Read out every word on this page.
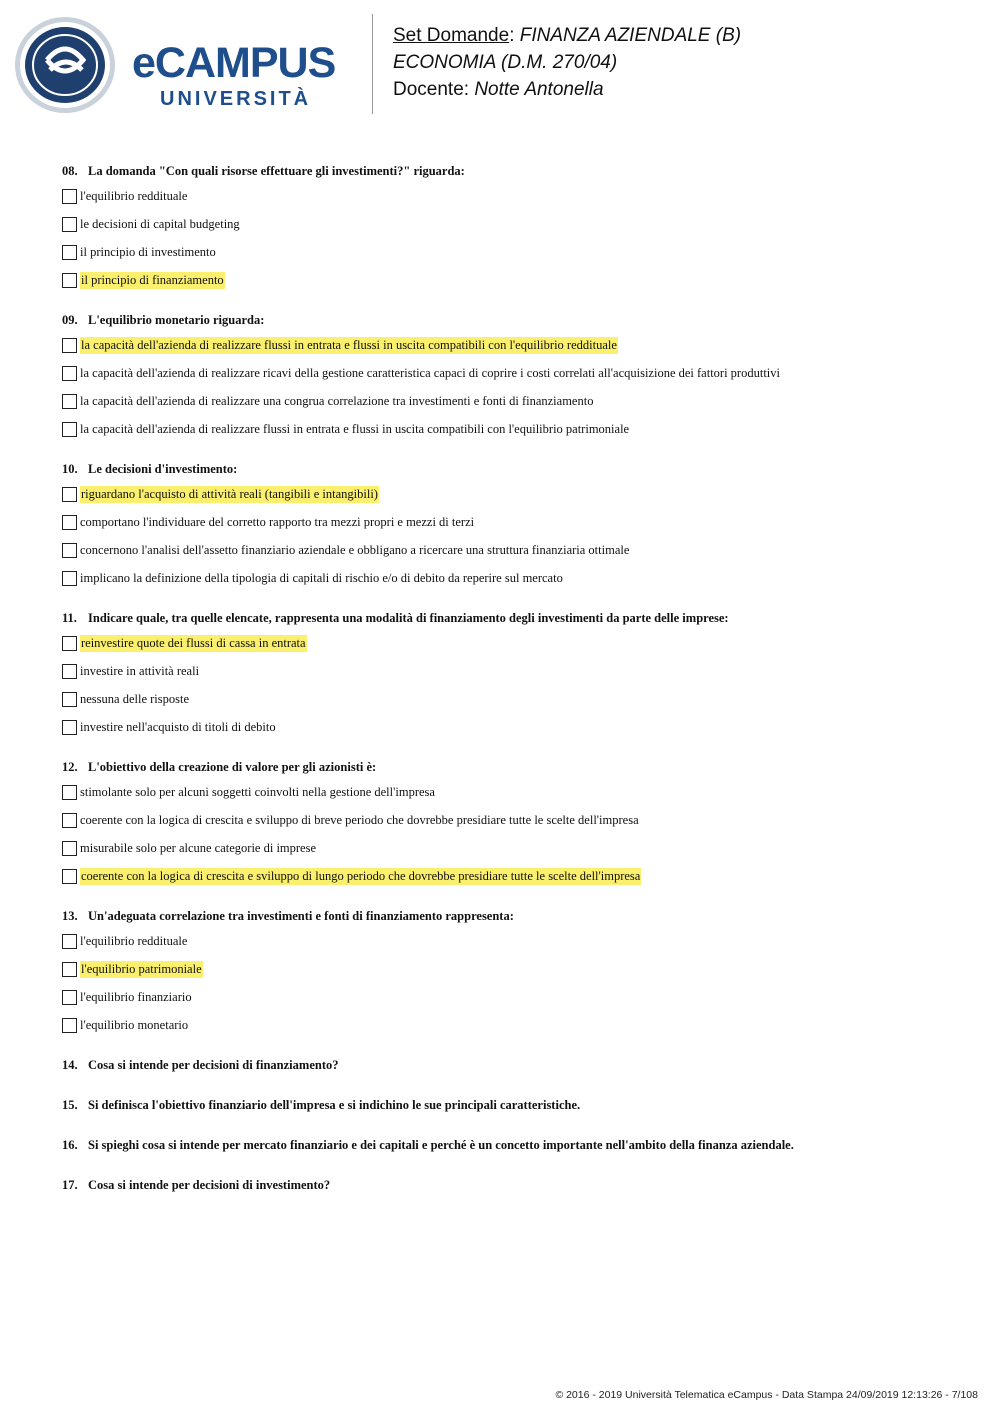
eCAMPUS
UNIVERSITÀ
Set Domande: FINANZA AZIENDALE (B)
ECONOMIA (D.M. 270/04)
Docente: Notte Antonella
08. La domanda "Con quali risorse effettuare gli investimenti?" riguarda:
l'equilibrio reddituale
le decisioni di capital budgeting
il principio di investimento
il principio di finanziamento
09. L'equilibrio monetario riguarda:
la capacità dell'azienda di realizzare flussi in entrata e flussi in uscita compatibili con l'equilibrio reddituale
la capacità dell'azienda di realizzare ricavi della gestione caratteristica capaci di coprire i costi correlati all'acquisizione dei fattori produttivi
la capacità dell'azienda di realizzare una congrua correlazione tra investimenti e fonti di finanziamento
la capacità dell'azienda di realizzare flussi in entrata e flussi in uscita compatibili con l'equilibrio patrimoniale
10. Le decisioni d'investimento:
riguardano l'acquisto di attività reali (tangibili e intangibili)
comportano l'individuare del corretto rapporto tra mezzi propri e mezzi di terzi
concernono l'analisi dell'assetto finanziario aziendale e obbligano a ricercare una struttura finanziaria ottimale
implicano la definizione della tipologia di capitali di rischio e/o di debito da reperire sul mercato
11. Indicare quale, tra quelle elencate, rappresenta una modalità di finanziamento degli investimenti da parte delle imprese:
reinvestire quote dei flussi di cassa in entrata
investire in attività reali
nessuna delle risposte
investire nell'acquisto di titoli di debito
12. L'obiettivo della creazione di valore per gli azionisti è:
stimolante solo per alcuni soggetti coinvolti nella gestione dell'impresa
coerente con la logica di crescita e sviluppo di breve periodo che dovrebbe presidiare tutte le scelte dell'impresa
misurabile solo per alcune categorie di imprese
coerente con la logica di crescita e sviluppo di lungo periodo che dovrebbe presidiare tutte le scelte dell'impresa
13. Un'adeguata correlazione tra investimenti e fonti di finanziamento rappresenta:
l'equilibrio reddituale
l'equilibrio patrimoniale
l'equilibrio finanziario
l'equilibrio monetario
14. Cosa si intende per decisioni di finanziamento?
15. Si definisca l'obiettivo finanziario dell'impresa e si indichino le sue principali caratteristiche.
16. Si spieghi cosa si intende per mercato finanziario e dei capitali e perché è un concetto importante nell'ambito della finanza aziendale.
17. Cosa si intende per decisioni di investimento?
© 2016 - 2019 Università Telematica eCampus - Data Stampa 24/09/2019 12:13:26 - 7/108
